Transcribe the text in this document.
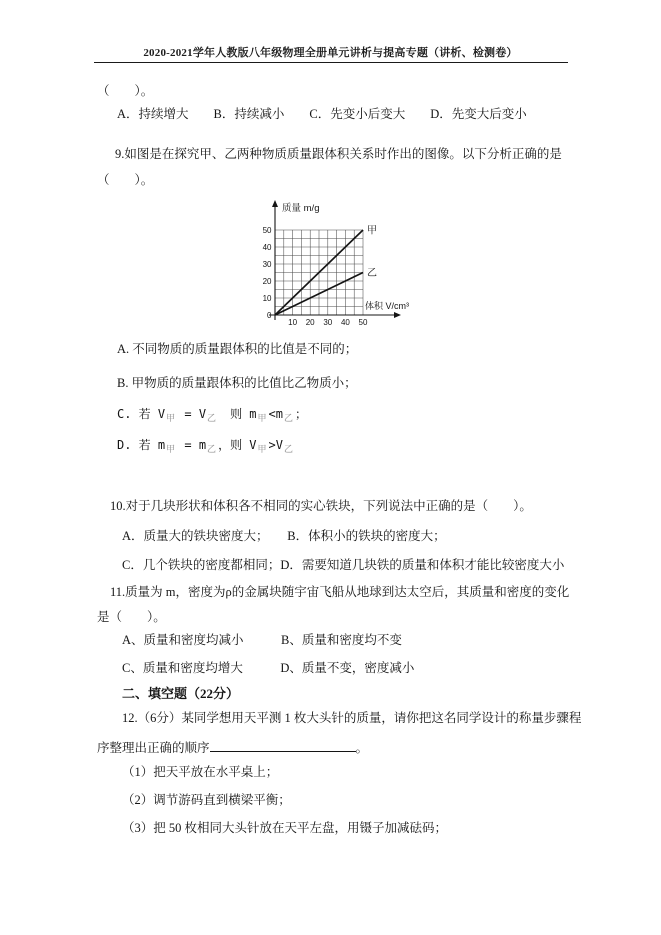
2020-2021学年人教版八年级物理全册单元讲析与提高专题（讲析、检测卷）
（　　）。
A．持续增大　　B．持续减小　　C．先变小后变大　　D．先变大后变小
9.如图是在探究甲、乙两种物质质量跟体积关系时作出的图像。以下分析正确的是
（　　）。
甲
乙
0
10
20
30
40
50
10 20 30 40 50
质量 m/g
体积 V/cm³
A. 不同物质的质量跟体积的比值是不同的；
B. 甲物质的质量跟体积的比值比乙物质小；
C. 若 $V_甲 = V_乙$　则 $m_甲 <m_乙$ ；
D. 若 $m_甲 = m_乙$ ，则 $V_甲 >V_乙$
10.对于几块形状和体积各不相同的实心铁块，下列说法中正确的是（　　）。
A．质量大的铁块密度大；　　B．体积小的铁块的密度大；
C．几个铁块的密度都相同；D．需要知道几块铁的质量和体积才能比较密度大小
11.质量为 m，密度为ρ的金属块随宇宙飞船从地球到达太空后，其质量和密度的变化
是（　　）。
A、质量和密度均减小　　　B、质量和密度均不变
C、质量和密度均增大　　　D、质量不变，密度减小
二、填空题（22分）
12.（6分）某同学想用天平测 1 枚大头针的质量，请你把这名同学设计的称量步骤程
序整理出正确的顺序	。
（1）把天平放在水平桌上；
（2）调节游码直到横梁平衡；
（3）把 50 枚相同大头针放在天平左盘，用镊子加减砝码；
